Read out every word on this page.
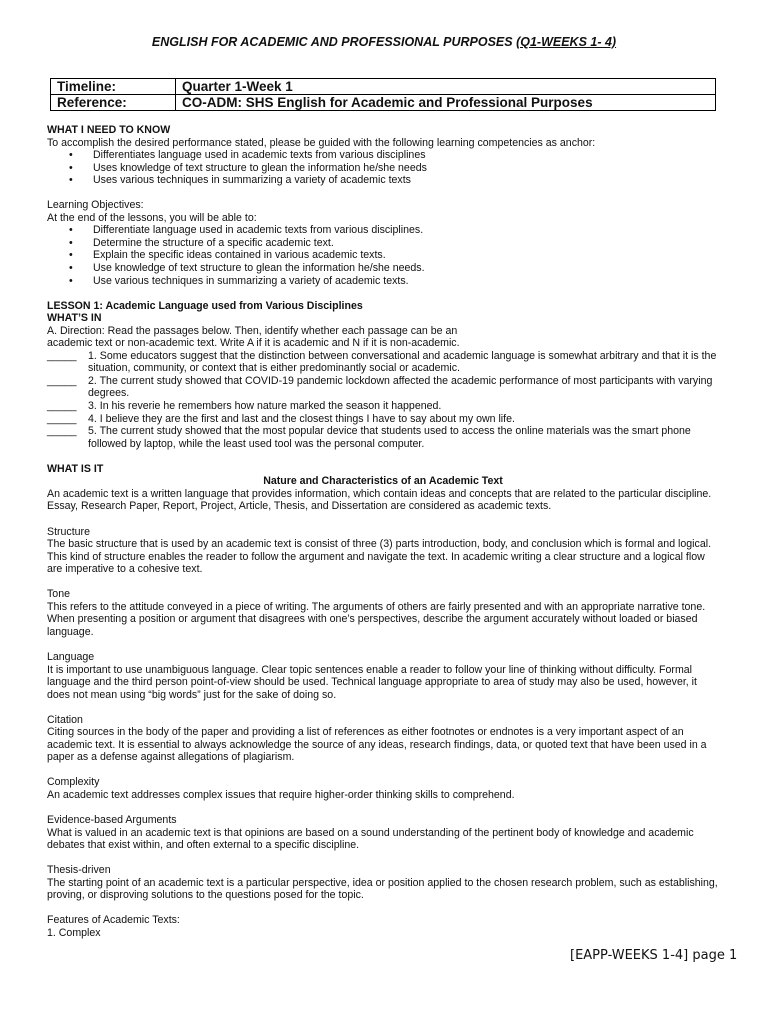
ENGLISH FOR ACADEMIC AND PROFESSIONAL PURPOSES (Q1-WEEKS 1- 4)
Timeline:	Quarter 1-Week 1
Reference:	CO-ADM: SHS English for Academic and Professional Purposes

WHAT I NEED TO KNOW

To accomplish the desired performance stated, please be guided with the following learning competencies as anchor:

• Differentiates language used in academic texts from various disciplines
• Uses knowledge of text structure to glean the information he/she needs
• Uses various techniques in summarizing a variety of academic texts

Learning Objectives:

At the end of the lessons, you will be able to:

• Differentiate language used in academic texts from various disciplines.
• Determine the structure of a specific academic text.
• Explain the specific ideas contained in various academic texts.
• Use knowledge of text structure to glean the information he/she needs.
• Use various techniques in summarizing a variety of academic texts.

LESSON 1: Academic Language used from Various Disciplines

WHAT’S IN

A. Direction: Read the passages below. Then, identify whether each passage can be an

academic text or non-academic text. Write A if it is academic and N if it is non-academic.

_____ 1. Some educators suggest that the distinction between conversational and academic language is somewhat arbitrary and that it is the situation, community, or context that is either predominantly social or academic.
_____ 2. The current study showed that COVID-19 pandemic lockdown affected the academic performance of most participants with varying degrees.
_____ 3. In his reverie he remembers how nature marked the season it happened.
_____ 4. I believe they are the first and last and the closest things I have to say about my own life.
_____ 5. The current study showed that the most popular device that students used to access the online materials was the smart phone followed by laptop, while the least used tool was the personal computer.

WHAT IS IT

Nature and Characteristics of an Academic Text

An academic text is a written language that provides information, which contain ideas and concepts that are related to the particular discipline. Essay, Research Paper, Report, Project, Article, Thesis, and Dissertation are considered as academic texts.

Structure

The basic structure that is used by an academic text is consist of three (3) parts introduction, body, and conclusion which is formal and logical. This kind of structure enables the reader to follow the argument and navigate the text. In academic writing a clear structure and a logical flow are imperative to a cohesive text.

Tone

This refers to the attitude conveyed in a piece of writing. The arguments of others are fairly presented and with an appropriate narrative tone. When presenting a position or argument that disagrees with one’s perspectives, describe the argument accurately without loaded or biased language.

Language

It is important to use unambiguous language. Clear topic sentences enable a reader to follow your line of thinking without difficulty. Formal language and the third person point-of-view should be used. Technical language appropriate to area of study may also be used, however, it does not mean using “big words” just for the sake of doing so.

Citation

Citing sources in the body of the paper and providing a list of references as either footnotes or endnotes is a very important aspect of an academic text. It is essential to always acknowledge the source of any ideas, research findings, data, or quoted text that have been used in a paper as a defense against allegations of plagiarism.

Complexity

An academic text addresses complex issues that require higher-order thinking skills to comprehend.

Evidence-based Arguments

What is valued in an academic text is that opinions are based on a sound understanding of the pertinent body of knowledge and academic debates that exist within, and often external to a specific discipline.

Thesis-driven

The starting point of an academic text is a particular perspective, idea or position applied to the chosen research problem, such as establishing, proving, or disproving solutions to the questions posed for the topic.

Features of Academic Texts:

1. Complex

[EAPP-WEEKS 1-4] page 1
